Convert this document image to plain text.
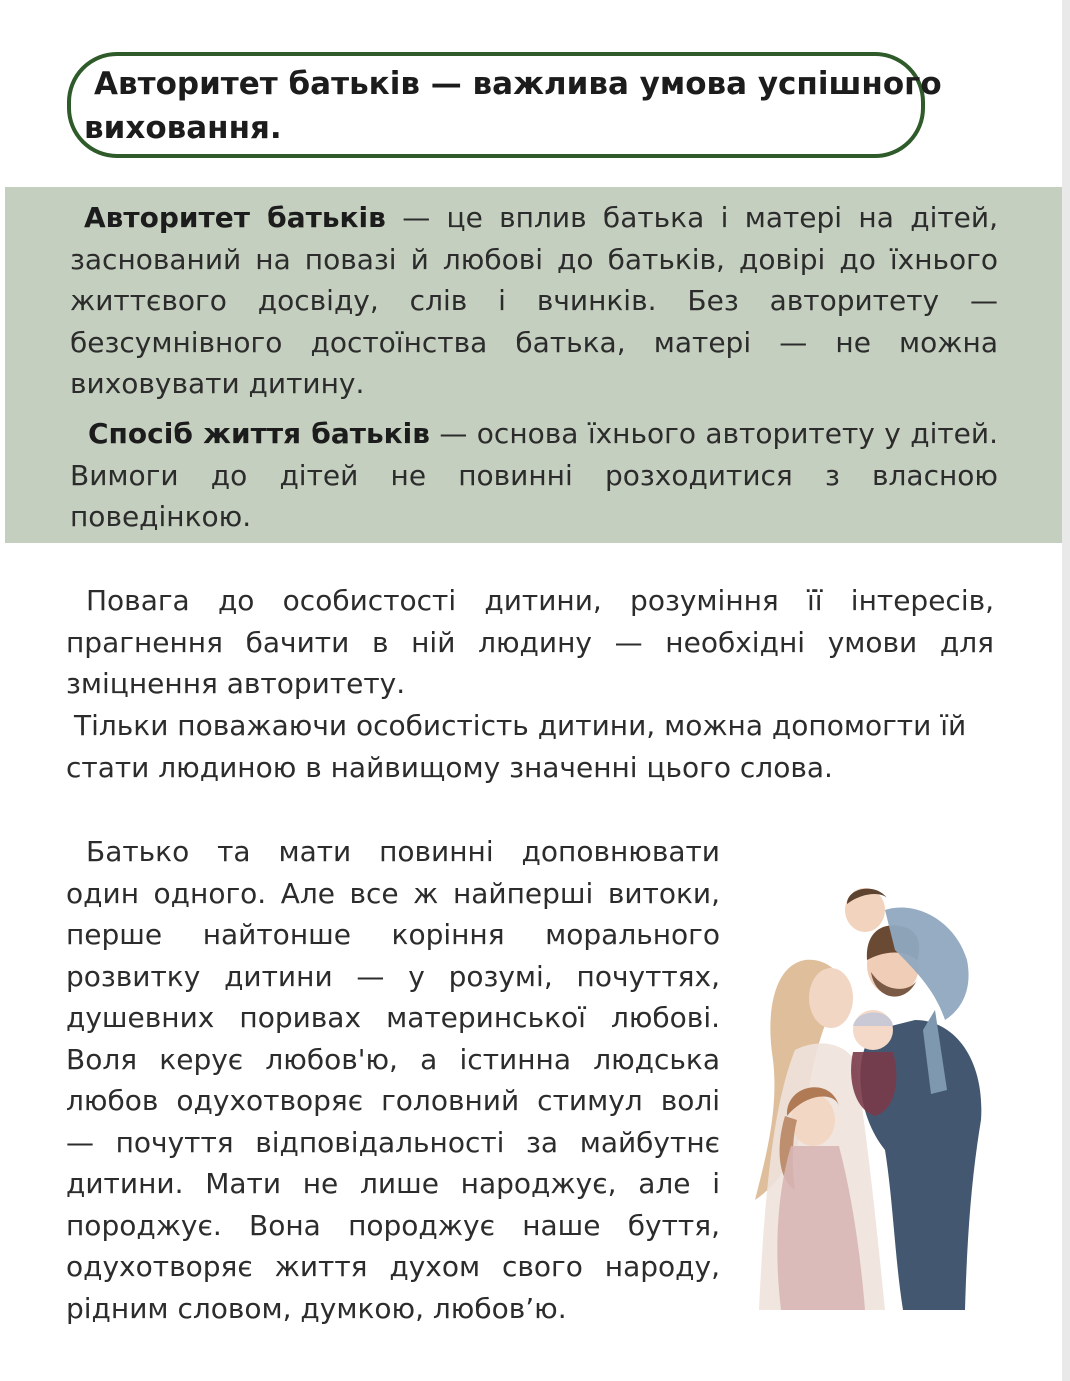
Авторитет батьків — важлива умова успішного
виховання.

Авторитет батьків — це вплив батька і матері на дітей, заснований на повазі й любові до батьків, довірі до їхнього життєвого досвіду, слів і вчинків. Без авторитету — безсумнівного достоїнства батька, матері — не можна виховувати дитину.

Спосіб життя батьків — основа їхнього авторитету у дітей. Вимоги до дітей не повинні розходитися з власною поведінкою.

Повага до особистості дитини, розуміння її інтересів, прагнення бачити в ній людину — необхідні умови для зміцнення авторитету.

Тільки поважаючи особистість дитини, можна допомогти їй стати людиною в найвищому значенні цього слова.

Батько та мати повинні доповнювати один одного. Але все ж найперші витоки, перше найтонше коріння морального розвитку дитини — у розумі, почуттях, душевних поривах материнської любові. Воля керує любов'ю, а істинна людська любов одухотворяє головний стимул волі — почуття відповідальності за майбутнє дитини. Мати не лише народжує, але і породжує. Вона породжує наше буття, одухотворяє життя духом свого народу, рідним словом, думкою, любов’ю.
